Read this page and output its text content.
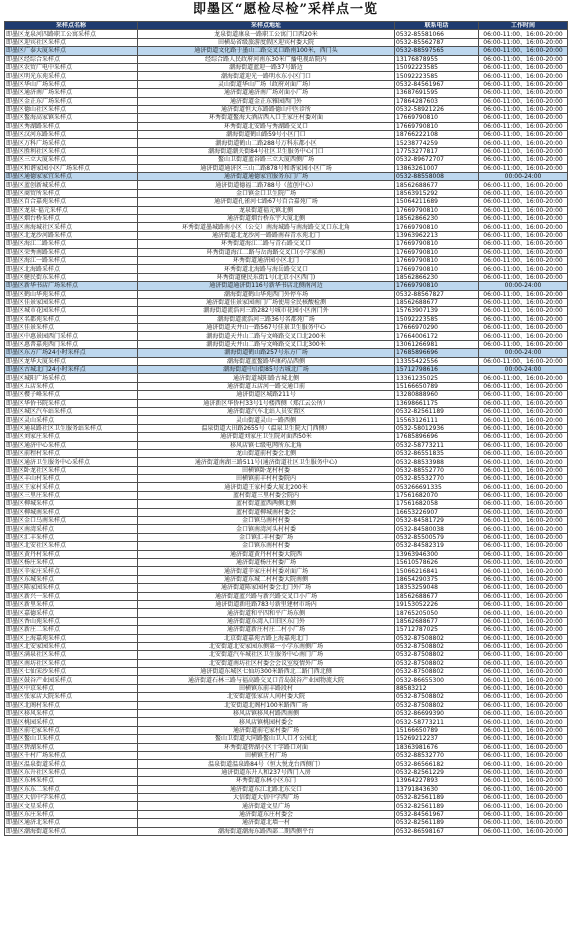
即墨区“愿检尽检”采样点一览
采样点名称	采样点地址	联系电话	工作时间
即墨区龙泉河四路职工公寓采样点	龙泉街道康泉一路职工公寓门口西20米	0532-85581066	06:00-11:00、16:00-20:00
即墨区迎宾社区采样点	田横岛省级旅游度假区迎宾村委大院	0532-85562787	06:00-11:00、16:00-20:00
即墨区广泰大厦采样点	通济街道文化路于墨山二路交叉口路南100米，西门头	0532-88597565	06:00-11:00、16:00-20:00
即墨区经综合采样点	经综合路人民政府河南东30米广播电视站院内	13176878955	06:00-11:00、16:00-20:00
即墨区农贸广电中采样点	潮海街道蓝迎一路37号路边	15092223585	06:00-11:00、16:00-20:00
即墨区明光东苑采样点	潮海街道迎光一路明水东小区门口	15092223585	06:00-11:00、16:00-20:00
即墨区华山广场采样点	灵山街道华山广场（政府对面广场）	0532-84561967	06:00-11:00、16:00-20:00
即墨区通济南广场采样点	通济街道通济南广场对面小广场	13687691595	06:00-11:00、16:00-20:00
即墨区金正东广场采样点	通济街道金正东雅园西门外	17864287603	06:00-11:00、16:00-20:00
即墨区德山社区采样点	通济街道恒大东路路德山中医诊所	0532-58921226	06:00-11:00、16:00-20:00
即墨区鳌海高家镇采样点	环秀街道鳌海大酒店西入口王家庄村委对面	17669790810	06:00-11:00、16:00-20:00
即墨区秀湖路采样点	环秀街道北安路与秀湖路交叉口	17669790810	06:00-11:00、16:00-20:00
即墨区汉河东路采样点	潮海街道鹤山路59号小区门口	18766222108	06:00-11:00、16:00-20:00
即墨区万科广场采样点	潮海街道鹤山二路288号万科东都小区	15238774259	06:00-11:00、16:00-20:00
即墨区胜利社区采样点	潮海街道潮关街84号社区卫生服务中心门口	17753277817	06:00-11:00、16:00-20:00
即墨区三立大厦采样点	鳌山卫街道蓝谷路三立大厦西侧广场	0532-89672707	06:00-11:00、16:00-20:00
即墨区和谐家园小区广场采样点	通济街道通济区三山二路878号和谐家园小区广场	13863261007	06:00-11:00、16:00-20:00
即墨区通德家家宜采样点	通济街道通德家宜服务东门广场	0532-88558008	00:00-24:00
即墨区蓝创新城采样点	通济街道德福二路788号（蓝创中心）	18562688677	06:00-11:00、16:00-20:00
即墨区商贸所采样点	金口镇金口卫生院广场	18563915292	06:00-11:00、16:00-20:00
即墨区百合嘉苑采样点	通济街道孔雀河七路67号百合嘉苑广场	15064211689	06:00-11:00、16:00-20:00
即墨区龙泉·福元采样点	龙泉街道福元镇北侧	17669790810	06:00-11:00、16:00-20:00
即墨区烟台桥采样点	通济街道烟台桥东宇大厦北侧	18562866230	06:00-11:00、16:00-20:00
即墨区南海城社区采样点	环秀街道墨城路南小区（公交）南海城路与南海路交叉口东北角	17669790810	06:00-11:00、16:00-20:00
即墨区北龙沙河路采样点	通济街道北龙沙河一路路南春青水苑北门	13963962213	06:00-11:00、16:00-20:00
即墨区海江二路采样点	环秀街道海江二路与青石路交叉口	17669790810	06:00-11:00、16:00-20:00
即墨区荣秀南路采样点	环秀街道海江二路与岳海路交叉口(小学家南)	17669790810	06:00-11:00、16:00-20:00
即墨区海江一路采样点	环秀街道通济园小区北门	17669790810	06:00-11:00、16:00-20:00
即墨区北海路采样点	环秀街道北海路与海岳路交叉口	17669790810	06:00-11:00、16:00-20:00
即墨区健民街东采样点	环秀街道健民东街1号(北京小区西门)	18562866230	06:00-11:00、16:00-20:00
即墨区新华书店广场采样点	通济街道通济街116号新华书店北侧南河边	17669790810	00:00-24:00
即墨区鹤山华苑采样点	潮海街道鹤山华苑西门外停车场	0532-88567827	06:00-11:00、16:00-20:00
即墨区佳景家园采样点	通济街道佳景家园南门广场使用全民核酸检测	18562688677	06:00-11:00、16:00-20:00
即墨区城市花园采样点	潮海街道流浩河三路282号城市花园小区南门外	15763907139	06:00-11:00、16:00-20:00
即墨区名都苑采样点	潮海街道流浩河三路36号名都苑广场	15092223585	06:00-11:00、16:00-20:00
即墨区佳景采样点	通济街道天井山一路567号佳景卫生服务中心	17666970290	06:00-11:00、16:00-20:00
即墨区中惠景园西门采样点	潮海街道天井山二路与文峰路交叉口北200米	17664006172	06:00-11:00、16:00-20:00
即墨区惠普嘉苑西门采样点	潮海街道天井山二路与文峰路交叉口北300米	13061266981	06:00-11:00、16:00-20:00
即墨区东方广场24小时采样点	潮海街道鹤山路257号东方广场	17685896696	00:00-24:00
即墨区龙华大厦采样点	潮海街道蓝鳌路华康药品西侧	13355422556	06:00-11:00、16:00-20:00
即墨区古城北门24小时采样点	潮海街道中山街85号古城北广场	15712798616	00:00-24:00
即墨区城阳广场采样点	通济街道城阳路古城北侧	13361235025	06:00-11:00、16:00-20:00
即墨区五店采样点	通济街道五店河一路交通口前	15166650789	06:00-11:00、16:00-20:00
即墨区樱子峰采样点	通济街道区城路211号	13280888960	06:00-11:00、16:00-20:00
即墨区华侨书院采样点	通济新区华侨村33号1号楼西侧（郑江云公所）	13698661175	06:00-11:00、16:00-20:00
即墨区城区汽车站采样点	通济街道汽车北站人员安置区	0532-82561189	06:00-11:00、16:00-20:00
即墨区灵山采样点	灵山街道灵山一路西侧	15563126111	06:00-11:00、16:00-20:00
即墨区通泉路社区卫生服务站采样点	温泉街道大田路2655号（温泉卫生院大门西侧）	0532-58012936	06:00-11:00、16:00-20:00
即墨区刘家庄采样点	通济街道刘家庄卫生院对面西50米	17685896696	06:00-11:00、16:00-20:00
即墨区通济中心采样点	移风店镇七级电网所东北角	0532-58773211	06:00-11:00、16:00-20:00
即墨区前程村采样点	龙山街道前村委会北侧	0532-86551835	06:00-11:00、16:00-20:00
即墨区通济卫生服务中心采样点	通济街道南湖三路511号(通济街道社区卫生服务中心)	0532-88533988	06:00-11:00、16:00-20:00
即墨区卧龙社区采样点	田横镇卧龙村村委	0532-88552770	06:00-11:00、16:00-20:00
即墨区丰山村采样点	田横镇前丰村村委院内	0532-85532770	06:00-11:00、16:00-20:00
即墨区王家村采样点	通济街道王家村委大厦北200米	053266691335	06:00-11:00、16:00-20:00
即墨区三里庄采样点	蓝村街道三里村委会院内	17561682070	06:00-11:00、16:00-20:00
即墨区柳城采样点	蓝村街道蓝西两侧北侧	17561682058	06:00-11:00、16:00-20:00
即墨区柳城南采样点	蓝村街道柳城南村委会	16653226907	06:00-11:00、16:00-20:00
即墨区金口乌南采样点	金口镇乌南村村委	0532-84581729	06:00-11:00、16:00-20:00
即墨区南湾采样点	金口镇南湾河头村村委	0532-84580038	06:00-11:00、16:00-20:00
即墨区汇丰采样点	金口镇汇丰村委广场	0532-85500579	06:00-11:00、16:00-20:00
即墨区北安社区采样点	金口镇东南村村委	0532-84582319	06:00-11:00、16:00-20:00
即墨区黄丹村采样点	通济街道黄丹村村委大院西	13963946300	06:00-11:00、16:00-20:00
即墨区杨庄采样点	通济街道杨庄村委广场	15610578626	06:00-11:00、16:00-20:00
即墨区辛家庄采样点	通济街道辛家庄村村委对面广场	15066216841	06:00-11:00、16:00-20:00
即墨区东城采样点	通济街道东城二村村委大院南侧	18654290375	06:00-11:00、16:00-20:00
即墨区陈家园采样点	通济街道陈家园村委会北门外广场	18353259048	06:00-11:00、16:00-20:00
即墨区新兴一采样点	通济街道蓝兴路与新兴路交叉口小广场	18562688677	06:00-11:00、16:00-20:00
即墨区新里采样点	通济街道新旺路783号新里建材市场内	19153052226	06:00-11:00、16:00-20:00
即墨区嘉德采样点	通济街道和平四和平广场东侧	18765205050	06:00-11:00、16:00-20:00
即墨区香山苑采样点	通济街道东湾入口旧区东门外	18562688677	06:00-11:00、16:00-20:00
即墨区新庄二采样点	通济街道新庄村庄二村小广场	15712787025	06:00-11:00、16:00-20:00
即墨区上海嘉苑采样点	北京街道嘉苑古路上海嘉苑北门	0532-87508802	06:00-11:00、16:00-20:00
即墨区北安家园采样点	北安街道北安家园东侧第一小学东南侧广场	0532-87508802	06:00-11:00、16:00-20:00
即墨区满泉社区采样点	北安街道汽车城社区卫生服务中心南门广场	0532-87508802	06:00-11:00、16:00-20:00
即墨区南坊社区采样点	北安街道南坊社区村委会会议室疫情外广场	0532-87508802	06:00-11:00、16:00-20:00
即墨区七仙宋沙采样点	通济街道东城区七仙坊300米路西北二路门西北侧	0532-87508802	06:00-11:00、16:00-20:00
即墨区鼓谷产业园采样点	通济街道石林三路与福高路交叉口青岛鼓谷产业园物流大院	0532-86655300	06:00-11:00、16:00-20:00
即墨区中京采样点	田横镇东前丰路段村	88583212	06:00-11:00、16:00-20:00
即墨区张家店大院采样点	北安街道张家店人间村委大院	0532-87508802	06:00-11:00、16:00-20:00
即墨区北阁村采样点	北安街道北阁村100米路西广场	0532-87508802	06:00-11:00、16:00-20:00
即墨区移风采样点	移风店镇移风村路西南侧	0532-86699390	06:00-11:00、16:00-20:00
即墨区桃园采样点	移风店镇桃园村委会	0532-58773211	06:00-11:00、16:00-20:00
即墨区前宅家采样点	通济街道前宅家村委广场	15166650789	06:00-11:00、16:00-20:00
即墨区鳌山卫采样点	鳌山卫街道大同路鳌山卫人口才公园北	15269212237	06:00-11:00、16:00-20:00
即墨区碧湖采样点	环秀街道碧湖小区十字路口对面	18363981676	06:00-11:00、16:00-20:00
即墨区千村广场采样点	田横镇王村广场	0532-88532770	06:00-11:00、16:00-20:00
即墨区温泉街道采样点	温泉街道温泉路84号（恒大悦龙台西侧门）	0532-86566182	06:00-11:00、16:00-20:00
即墨区东升社区采样点	通济街道东升人和237号西门入房	0532-82561229	06:00-11:00、16:00-20:00
即墨区东林采样点	环秀街道东林小区东门	13964227893	06:00-11:00、16:00-20:00
即墨区东东二采样点	通济街道东江北路北东交口	13791843630	06:00-11:00、16:00-20:00
即墨区大信中学采样点	大信街道大信中学西广场	0532-82561189	06:00-11:00、16:00-20:00
即墨区文星采样点	通济街道文星广场	0532-82561189	06:00-11:00、16:00-20:00
即墨区东庄采样点	通济街道东庄村委会	0532-84561967	06:00-11:00、16:00-20:00
即墨区通济北采样点	通济街道北墙一村	0532-82561189	06:00-11:00、16:00-20:00
即墨区潮海街道采样点	潮海街道潮海东路西部二期西侧平台	0532-86598167	06:00-11:00、16:00-20:00
